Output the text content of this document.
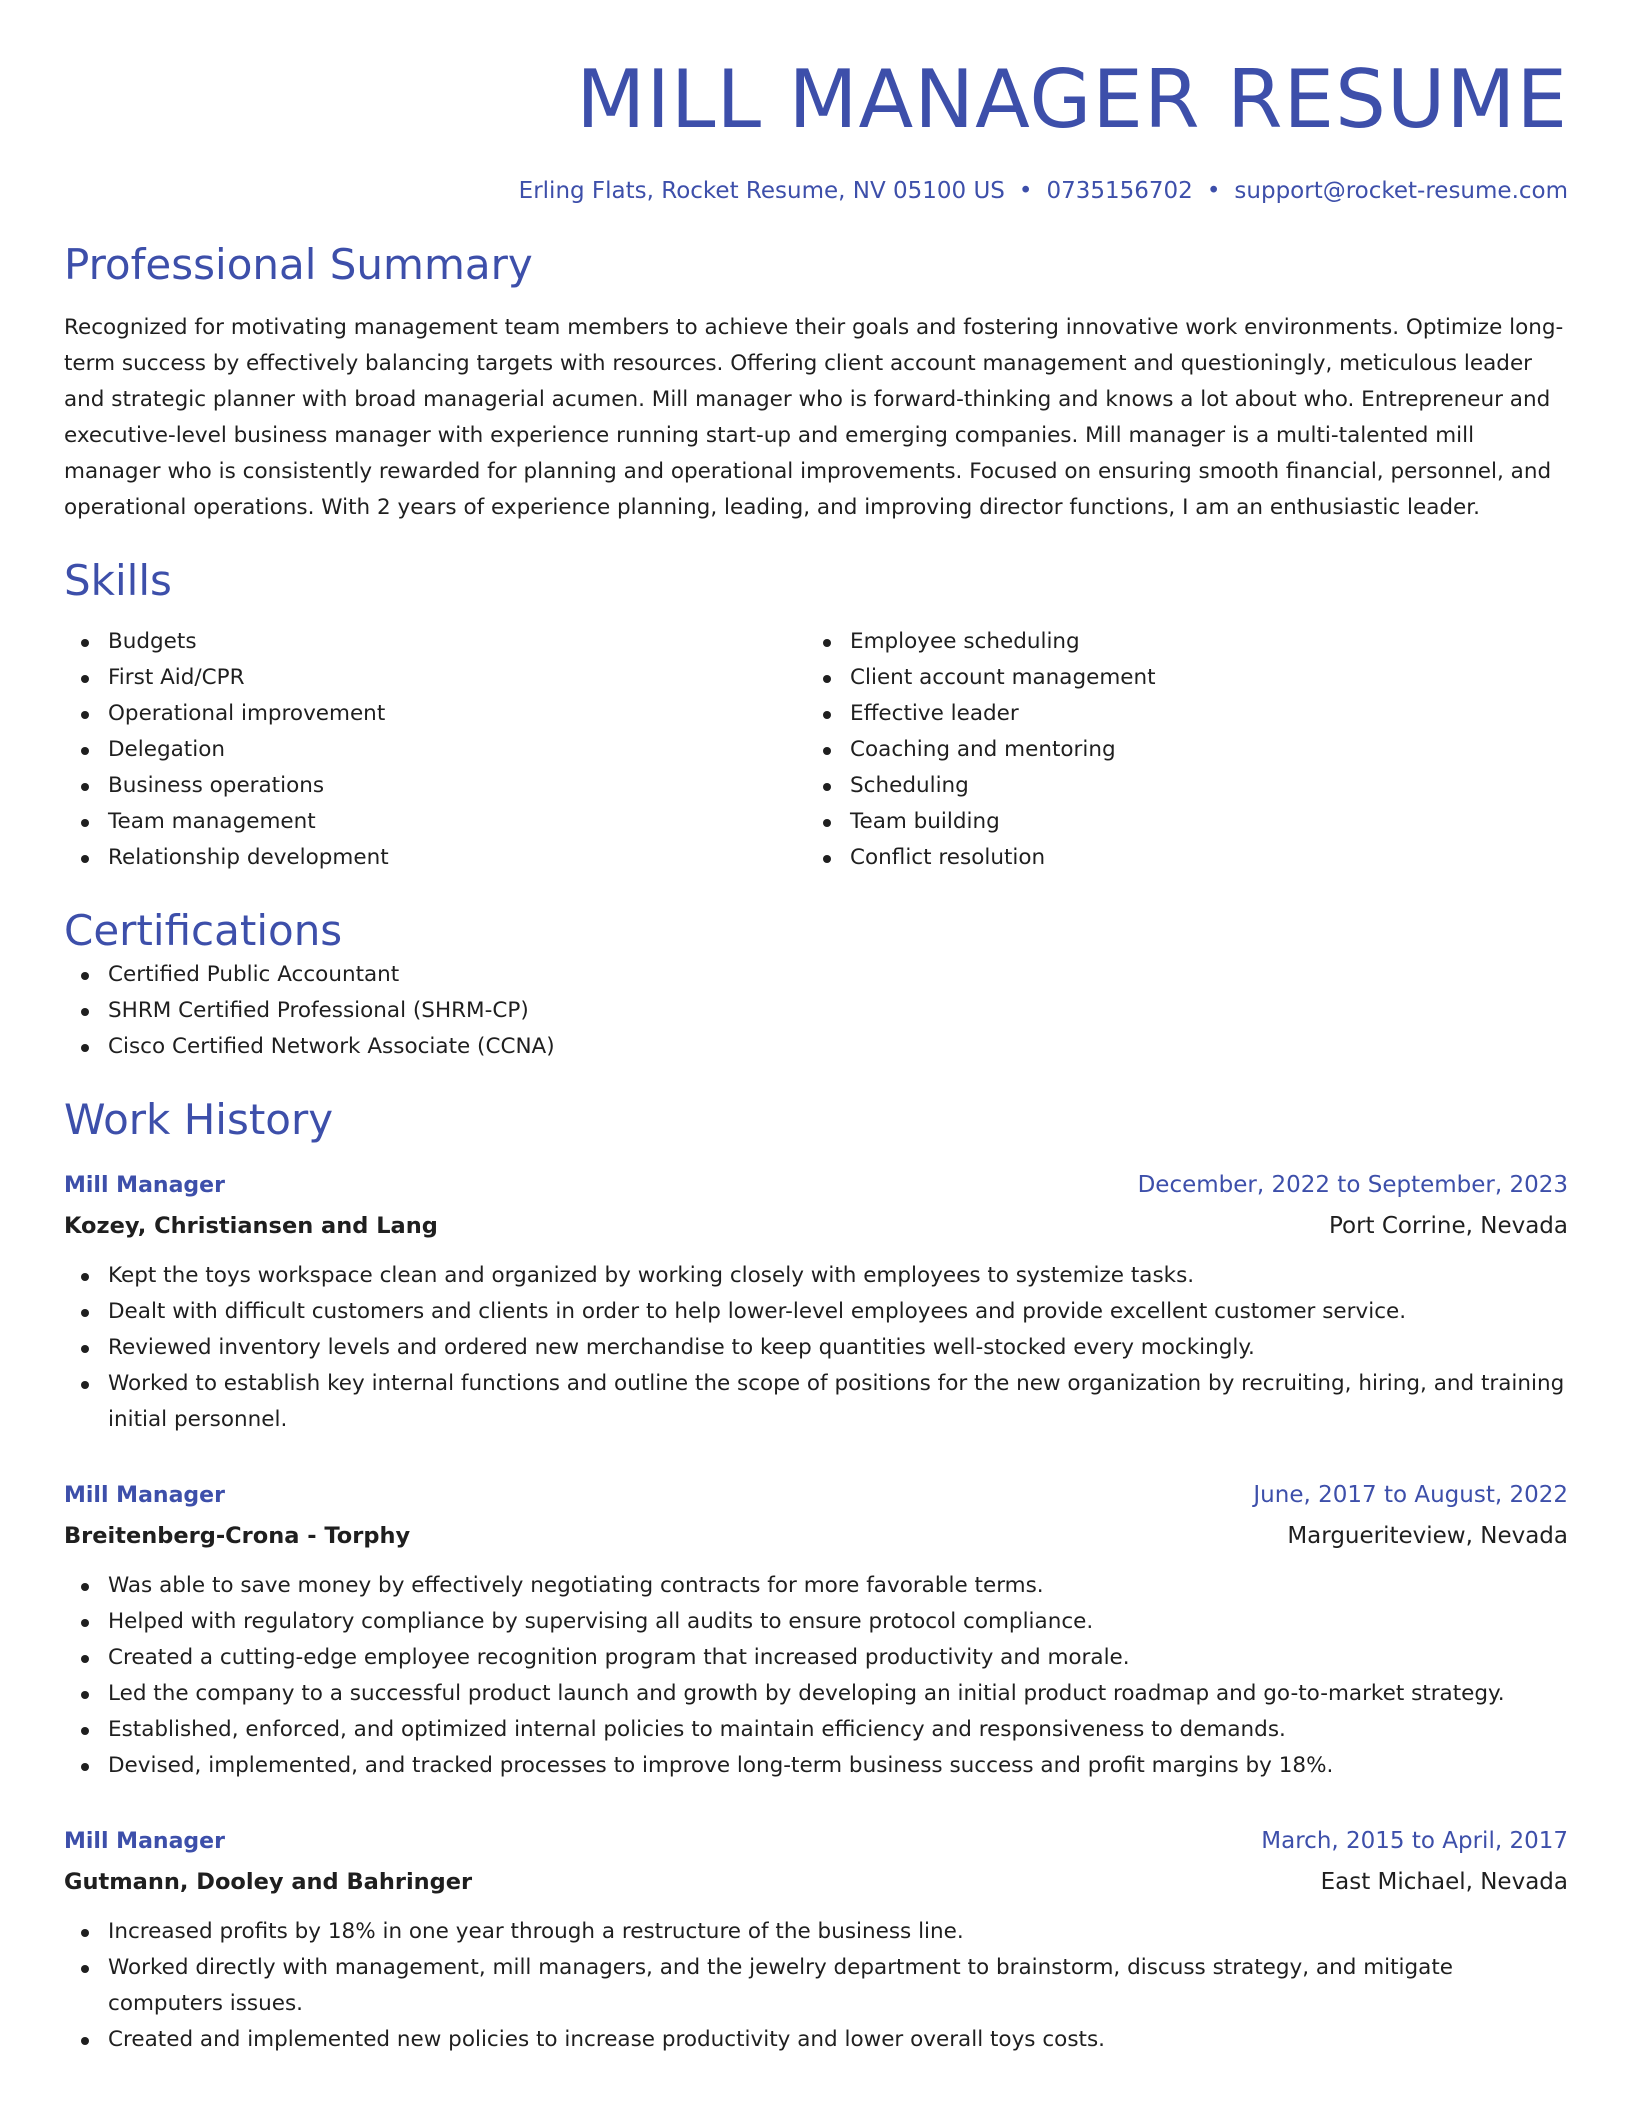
MILL MANAGER RESUME
Erling Flats, Rocket Resume, NV 05100 US • 0735156702 • support@rocket-resume.com
Professional Summary
Recognized for motivating management team members to achieve their goals and fostering innovative work environments. Optimize long-term success by effectively balancing targets with resources. Offering client account management and questioningly, meticulous leader and strategic planner with broad managerial acumen. Mill manager who is forward-thinking and knows a lot about who. Entrepreneur and executive-level business manager with experience running start-up and emerging companies. Mill manager is a multi-talented mill manager who is consistently rewarded for planning and operational improvements. Focused on ensuring smooth financial, personnel, and operational operations. With 2 years of experience planning, leading, and improving director functions, I am an enthusiastic leader.
Skills
Budgets
First Aid/CPR
Operational improvement
Delegation
Business operations
Team management
Relationship development
Employee scheduling
Client account management
Effective leader
Coaching and mentoring
Scheduling
Team building
Conflict resolution
Certifications
Certified Public Accountant
SHRM Certified Professional (SHRM-CP)
Cisco Certified Network Associate (CCNA)
Work History
Mill Manager	December, 2022 to September, 2023
Kozey, Christiansen and Lang	Port Corrine, Nevada
Kept the toys workspace clean and organized by working closely with employees to systemize tasks.
Dealt with difficult customers and clients in order to help lower-level employees and provide excellent customer service.
Reviewed inventory levels and ordered new merchandise to keep quantities well-stocked every mockingly.
Worked to establish key internal functions and outline the scope of positions for the new organization by recruiting, hiring, and training initial personnel.
Mill Manager	June, 2017 to August, 2022
Breitenberg-Crona - Torphy	Margueriteview, Nevada
Was able to save money by effectively negotiating contracts for more favorable terms.
Helped with regulatory compliance by supervising all audits to ensure protocol compliance.
Created a cutting-edge employee recognition program that increased productivity and morale.
Led the company to a successful product launch and growth by developing an initial product roadmap and go-to-market strategy.
Established, enforced, and optimized internal policies to maintain efficiency and responsiveness to demands.
Devised, implemented, and tracked processes to improve long-term business success and profit margins by 18%.
Mill Manager	March, 2015 to April, 2017
Gutmann, Dooley and Bahringer	East Michael, Nevada
Increased profits by 18% in one year through a restructure of the business line.
Worked directly with management, mill managers, and the jewelry department to brainstorm, discuss strategy, and mitigate computers issues.
Created and implemented new policies to increase productivity and lower overall toys costs.
